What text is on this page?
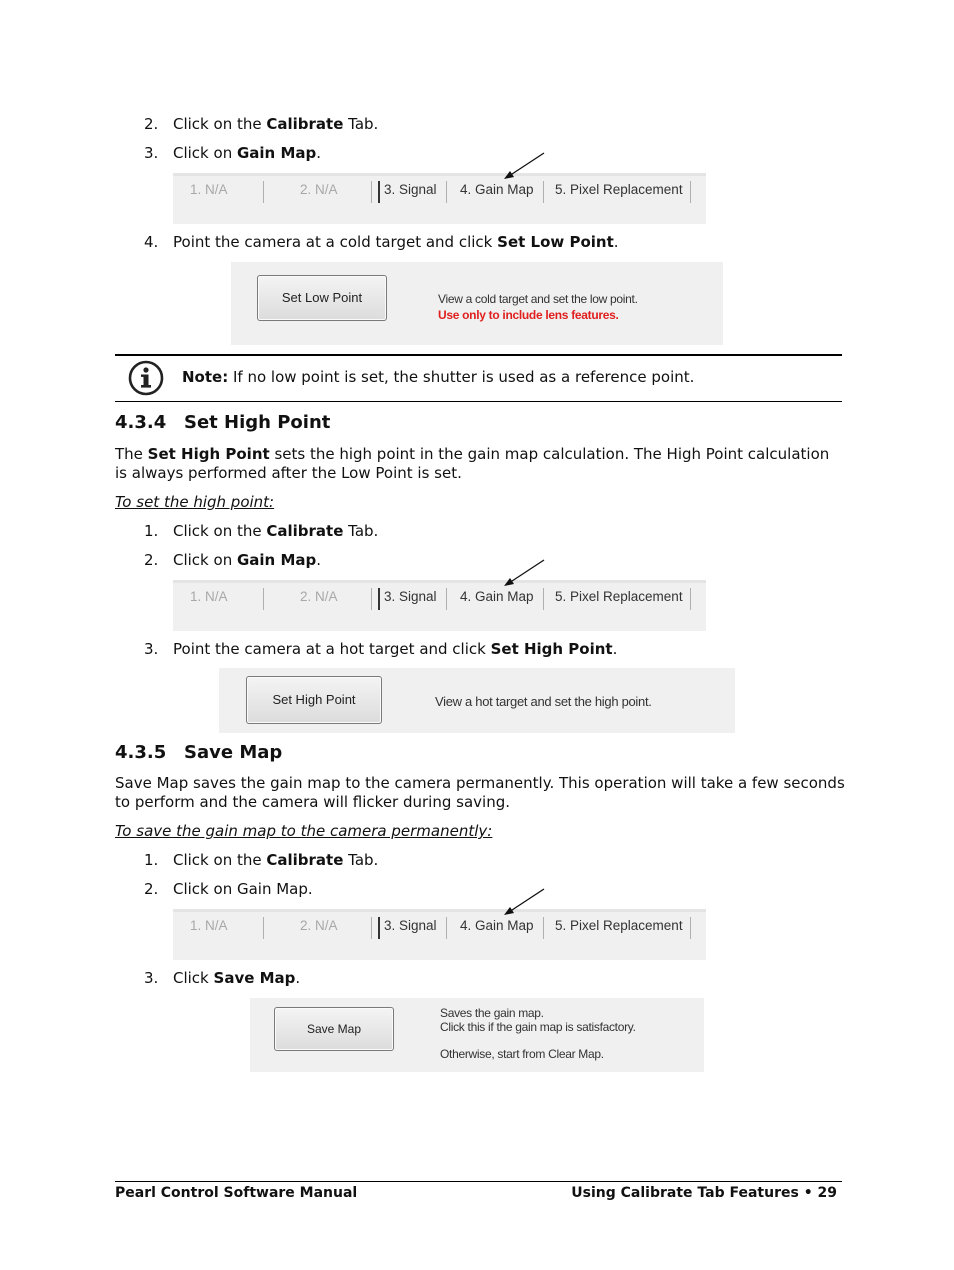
2. Click on the Calibrate Tab.
3. Click on Gain Map.
1. N/A	2. N/A	3. Signal 4. Gain Map 5. Pixel Replacement
4. Point the camera at a cold target and click Set Low Point.
Set Low Point	View a cold target and set the low point.
Use only to include lens features.
Note: If no low point is set, the shutter is used as a reference point.
4.3.4 Set High Point
The Set High Point sets the high point in the gain map calculation. The High Point calculation is always performed after the Low Point is set.
To set the high point:
1. Click on the Calibrate Tab.
2. Click on Gain Map.
1. N/A	2. N/A	3. Signal 4. Gain Map 5. Pixel Replacement
3. Point the camera at a hot target and click Set High Point.
Set High Point	View a hot target and set the high point.
4.3.5 Save Map
Save Map saves the gain map to the camera permanently. This operation will take a few seconds to perform and the camera will flicker during saving.
To save the gain map to the camera permanently:
1. Click on the Calibrate Tab.
2. Click on Gain Map.
1. N/A	2. N/A	3. Signal 4. Gain Map 5. Pixel Replacement
3. Click Save Map.
Save Map
Saves the gain map.
Click this if the gain map is satisfactory.
Otherwise, start from Clear Map.
Pearl Control Software Manual	Using Calibrate Tab Features • 29
